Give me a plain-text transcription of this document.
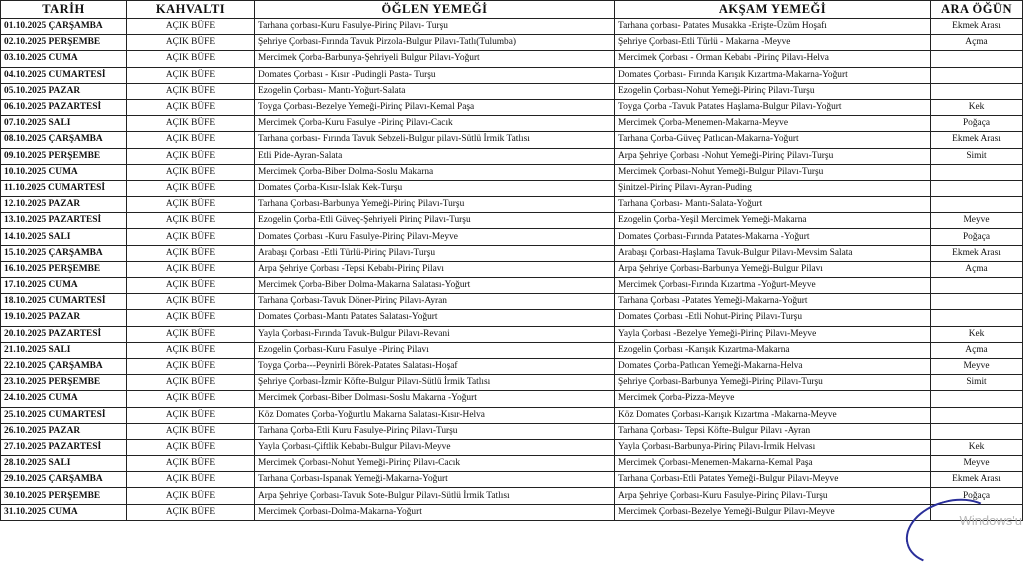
TARİH	KAHVALTI	ÖĞLEN YEMEĞİ	AKŞAM YEMEĞİ	ARA ÖĞÜN
01.10.2025 ÇARŞAMBA	AÇIK BÜFE	Tarhana çorbası-Kuru Fasulye-Pirinç Pilavı- Turşu	Tarhana çorbası- Patates Musakka -Erişte-Üzüm Hoşafı	Ekmek Arası
02.10.2025 PERŞEMBE	AÇIK BÜFE	Şehriye Çorbası-Fırında Tavuk Pirzola-Bulgur Pilavı-Tatlı(Tulumba)	Şehriye Çorbası-Etli Türlü - Makarna -Meyve	Açma
03.10.2025 CUMA	AÇIK BÜFE	Mercimek Çorba-Barbunya-Şehriyeli Bulgur Pilavı-Yoğurt	Mercimek Çorbası - Orman Kebabı -Pirinç Pilavı-Helva	
04.10.2025 CUMARTESİ	AÇIK BÜFE	Domates Çorbası - Kısır -Pudingli Pasta- Turşu	Domates Çorbası- Fırında Karışık Kızartma-Makarna-Yoğurt	
05.10.2025 PAZAR	AÇIK BÜFE	Ezogelin Çorbası- Mantı-Yoğurt-Salata	Ezogelin Çorbası-Nohut Yemeği-Pirinç Pilavı-Turşu	
06.10.2025 PAZARTESİ	AÇIK BÜFE	Toyga Çorbası-Bezelye Yemeği-Pirinç Pilavı-Kemal Paşa	Toyga Çorba -Tavuk Patates Haşlama-Bulgur Pilavı-Yoğurt	Kek
07.10.2025 SALI	AÇIK BÜFE	Mercimek Çorba-Kuru Fasulye -Pirinç Pilavı-Cacık	Mercimek Çorba-Menemen-Makarna-Meyve	Poğaça
08.10.2025 ÇARŞAMBA	AÇIK BÜFE	Tarhana çorbası- Fırında Tavuk Sebzeli-Bulgur pilavı-Sütlü İrmik Tatlısı	Tarhana Çorba-Güveç Patlıcan-Makarna-Yoğurt	Ekmek Arası
09.10.2025 PERŞEMBE	AÇIK BÜFE	Etli Pide-Ayran-Salata	Arpa Şehriye Çorbası -Nohut Yemeği-Pirinç Pilavı-Turşu	Simit
10.10.2025 CUMA	AÇIK BÜFE	Mercimek Çorba-Biber Dolma-Soslu Makarna	Mercimek Çorbası-Nohut Yemeği-Bulgur Pilavı-Turşu	
11.10.2025 CUMARTESİ	AÇIK BÜFE	Domates Çorba-Kısır-Islak Kek-Turşu	Şinitzel-Pirinç Pilavı-Ayran-Puding	
12.10.2025 PAZAR	AÇIK BÜFE	Tarhana Çorbası-Barbunya Yemeği-Pirinç Pilavı-Turşu	Tarhana Çorbası- Mantı-Salata-Yoğurt	
13.10.2025 PAZARTESİ	AÇIK BÜFE	Ezogelin Çorba-Etli Güveç-Şehriyeli Pirinç Pilavı-Turşu	Ezogelin Çorba-Yeşil Mercimek Yemeği-Makarna	Meyve
14.10.2025 SALI	AÇIK BÜFE	Domates Çorbası -Kuru Fasulye-Pirinç Pilavı-Meyve	Domates Çorbası-Fırında Patates-Makarna -Yoğurt	Poğaça
15.10.2025 ÇARŞAMBA	AÇIK BÜFE	Arabaşı Çorbası -Etli Türlü-Pirinç Pilavı-Turşu	Arabaşı Çorbası-Haşlama Tavuk-Bulgur Pilavı-Mevsim Salata	Ekmek Arası
16.10.2025 PERŞEMBE	AÇIK BÜFE	Arpa Şehriye Çorbası -Tepsi Kebabı-Pirinç Pilavı	Arpa Şehriye Çorbası-Barbunya Yemeği-Bulgur Pilavı	Açma
17.10.2025 CUMA	AÇIK BÜFE	Mercimek Çorba-Biber Dolma-Makarna Salatası-Yoğurt	Mercimek Çorbası-Fırında Kızartma -Yoğurt-Meyve	
18.10.2025 CUMARTESİ	AÇIK BÜFE	Tarhana Çorbası-Tavuk Döner-Pirinç Pilavı-Ayran	Tarhana Çorbası -Patates Yemeği-Makarna-Yoğurt	
19.10.2025 PAZAR	AÇIK BÜFE	Domates Çorbası-Mantı Patates Salatası-Yoğurt	Domates Çorbası -Etli Nohut-Pirinç Pilavı-Turşu	
20.10.2025 PAZARTESİ	AÇIK BÜFE	Yayla Çorbası-Fırında Tavuk-Bulgur Pilavı-Revani	Yayla Çorbası -Bezelye Yemeği-Pirinç Pilavı-Meyve	Kek
21.10.2025 SALI	AÇIK BÜFE	Ezogelin Çorbası-Kuru Fasulye -Pirinç Pilavı	Ezogelin Çorbası -Karışık Kızartma-Makarna	Açma
22.10.2025 ÇARŞAMBA	AÇIK BÜFE	Toyga Çorba---Peynirli Börek-Patates Salatası-Hoşaf	Domates Çorba-Patlıcan Yemeği-Makarna-Helva	Meyve
23.10.2025 PERŞEMBE	AÇIK BÜFE	Şehriye Çorbası-İzmir Köfte-Bulgur Pilavı-Sütlü İrmik Tatlısı	Şehriye Çorbası-Barbunya Yemeği-Pirinç Pilavı-Turşu	Simit
24.10.2025 CUMA	AÇIK BÜFE	Mercimek Çorbası-Biber Dolması-Soslu Makarna -Yoğurt	Mercimek Çorba-Pizza-Meyve	
25.10.2025 CUMARTESİ	AÇIK BÜFE	Köz Domates Çorba-Yoğurtlu Makarna Salatası-Kısır-Helva	Köz Domates Çorbası-Karışık Kızartma -Makarna-Meyve	
26.10.2025 PAZAR	AÇIK BÜFE	Tarhana Çorba-Etli Kuru Fasulye-Pirinç Pilavı-Turşu	Tarhana Çorbası- Tepsi Köfte-Bulgur Pilavı -Ayran	
27.10.2025 PAZARTESİ	AÇIK BÜFE	Yayla Çorbası-Çiftlik Kebabı-Bulgur Pilavı-Meyve	Yayla Çorbası-Barbunya-Pirinç Pilavı-İrmik Helvası	Kek
28.10.2025 SALI	AÇIK BÜFE	Mercimek Çorbası-Nohut Yemeği-Pirinç Pilavı-Cacık	Mercimek Çorbası-Menemen-Makarna-Kemal Paşa	Meyve
29.10.2025 ÇARŞAMBA	AÇIK BÜFE	Tarhana Çorbası-Ispanak Yemeği-Makarna-Yoğurt	Tarhana Çorbası-Etli Patates Yemeği-Bulgur Pilavı-Meyve	Ekmek Arası
30.10.2025 PERŞEMBE	AÇIK BÜFE	Arpa Şehriye Çorbası-Tavuk Sote-Bulgur Pilavı-Sütlü İrmik Tatlısı	Arpa Şehriye Çorbası-Kuru Fasulye-Pirinç Pilavı-Turşu	Poğaça
31.10.2025 CUMA	AÇIK BÜFE	Mercimek Çorbası-Dolma-Makarna-Yoğurt	Mercimek Çorbası-Bezelye Yemeği-Bulgur Pilavı-Meyve	
Windows'u
